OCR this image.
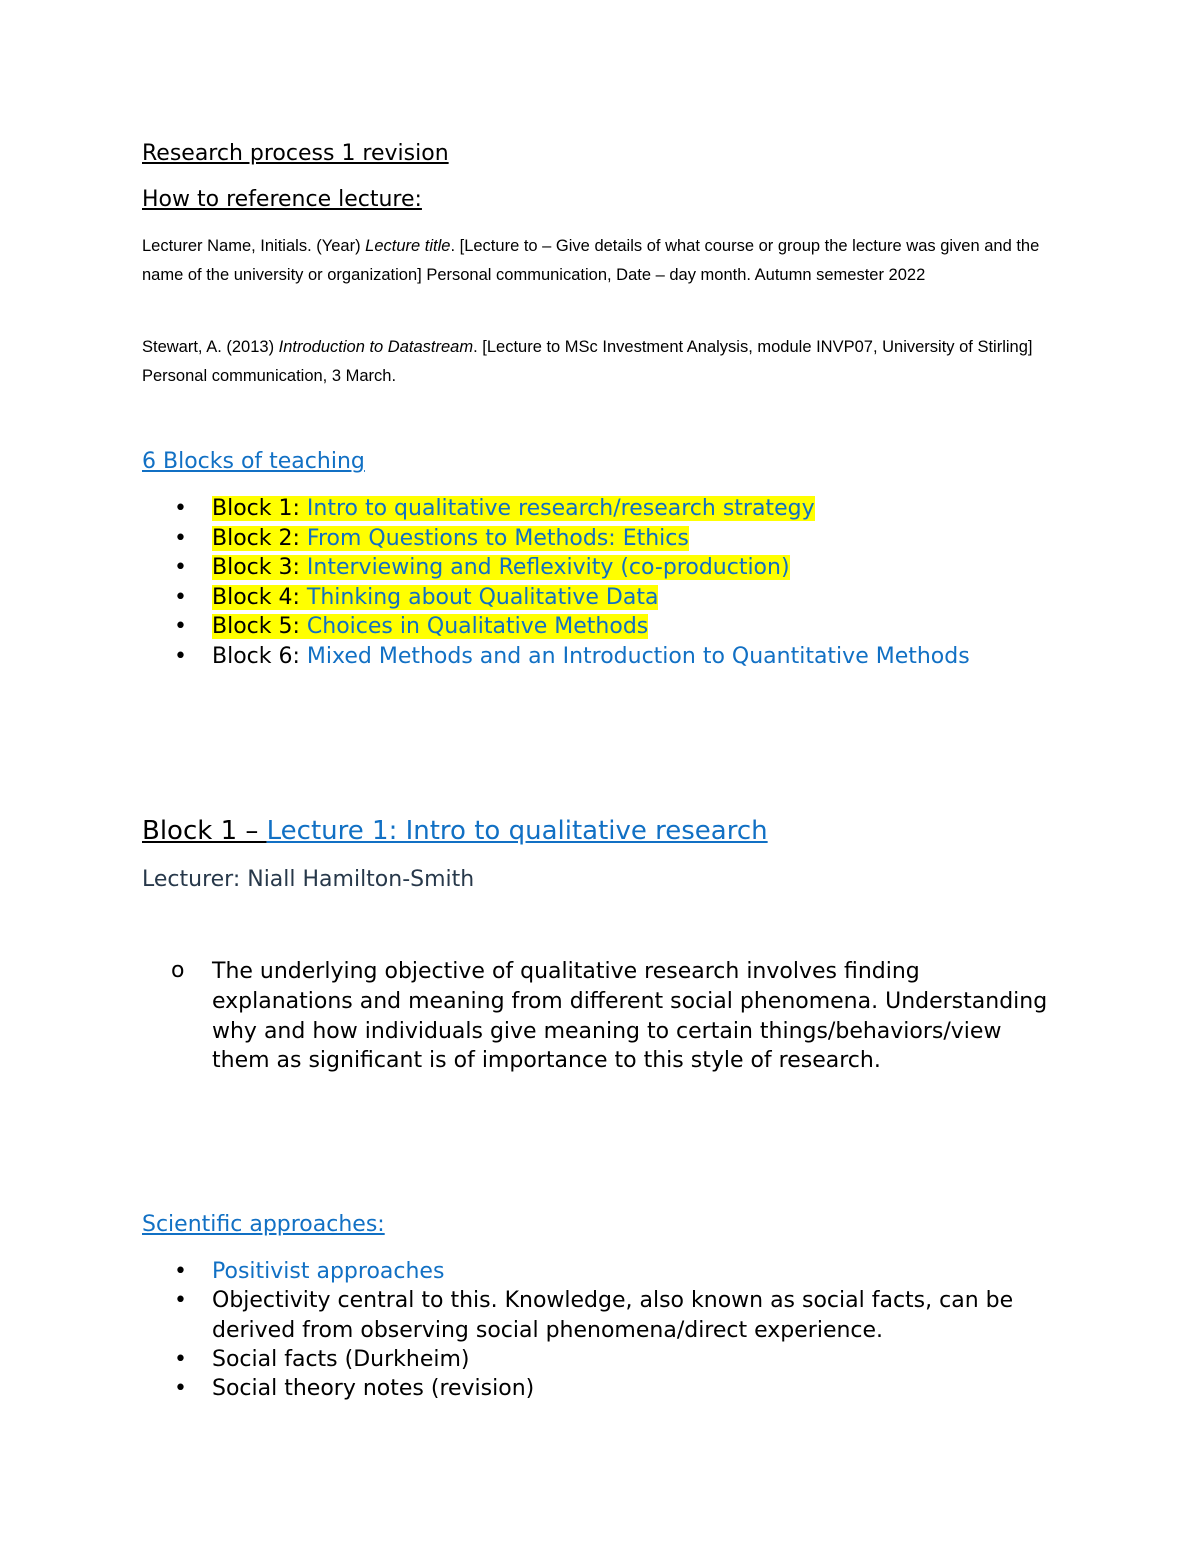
Research process 1 revision
How to reference lecture:
Lecturer Name, Initials. (Year) Lecture title. [Lecture to – Give details of what course or group the lecture was given and the name of the university or organization] Personal communication, Date – day month. Autumn semester 2022
Stewart, A. (2013) Introduction to Datastream. [Lecture to MSc Investment Analysis, module INVP07, University of Stirling] Personal communication, 3 March.
6 Blocks of teaching
• Block 1: Intro to qualitative research/research strategy
• Block 2: From Questions to Methods: Ethics
• Block 3: Interviewing and Reflexivity (co-production)
• Block 4: Thinking about Qualitative Data
• Block 5: Choices in Qualitative Methods
• Block 6: Mixed Methods and an Introduction to Quantitative Methods
Block 1 – Lecture 1: Intro to qualitative research
Lecturer: Niall Hamilton-Smith
o The underlying objective of qualitative research involves finding explanations and meaning from different social phenomena. Understanding why and how individuals give meaning to certain things/behaviors/view them as significant is of importance to this style of research.
Scientific approaches:
• Positivist approaches
• Objectivity central to this. Knowledge, also known as social facts, can be derived from observing social phenomena/direct experience.
• Social facts (Durkheim)
• Social theory notes (revision)
